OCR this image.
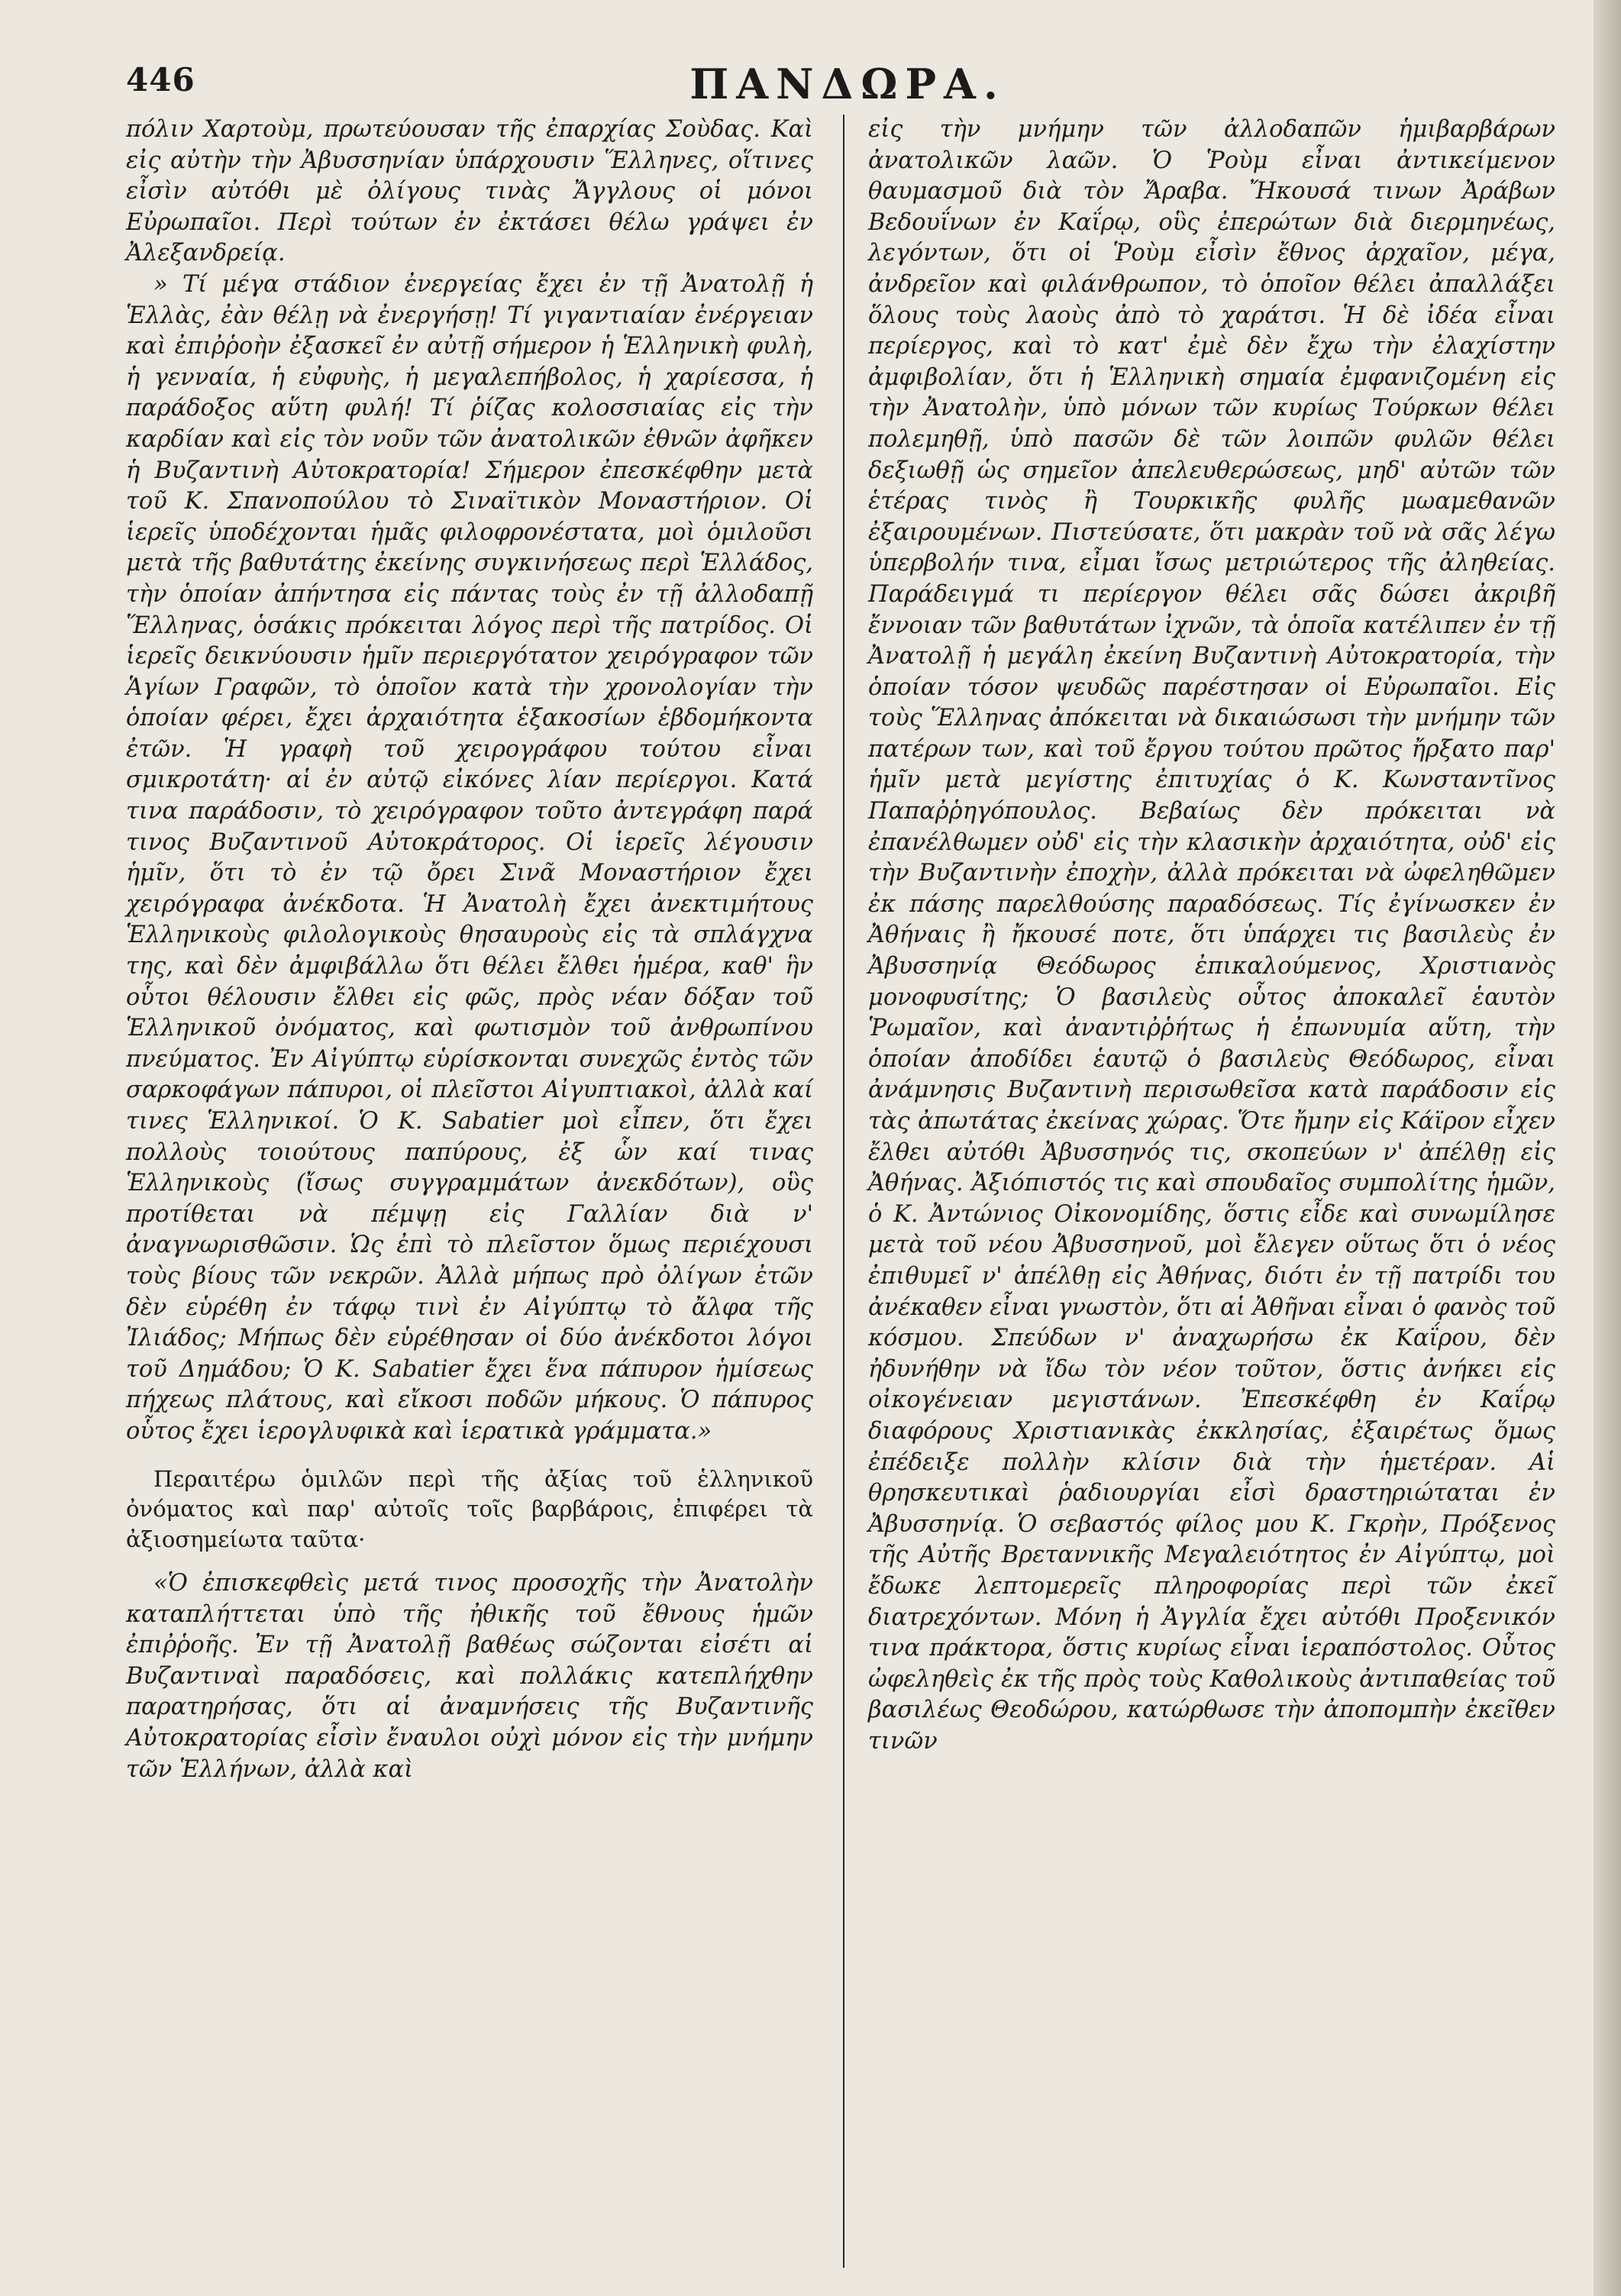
446	ΠΑΝΔΩΡΑ.

πόλιν Χαρτοὺμ, πρωτεύουσαν τῆς ἐπαρχίας Σοὺδας. Καὶ εἰς αὐτὴν τὴν Ἀβυσσηνίαν ὑπάρχουσιν Ἕλληνες, οἵτινες εἶσὶν αὐτόθι μὲ ὀλίγους τινὰς Ἄγγλους οἱ μόνοι Εὐρωπαῖοι. Περὶ τούτων ἐν ἐκτάσει θέλω γράψει ἐν Ἀλεξανδρείᾳ.

» Τί μέγα στάδιον ἐνεργείας ἔχει ἐν τῇ Ἀνατολῇ ἡ Ἑλλὰς, ἐὰν θέλῃ νὰ ἐνεργήσῃ! Τί γιγαντιαίαν ἐνέργειαν καὶ ἐπιῤῥοὴν ἐξασκεῖ ἐν αὐτῇ σήμερον ἡ Ἑλληνικὴ φυλὴ, ἡ γενναία, ἡ εὐφυὴς, ἡ μεγαλεπήβολος, ἡ χαρίεσσα, ἡ παράδοξος αὕτη φυλή! Τί ῥίζας κολοσσιαίας εἰς τὴν καρδίαν καὶ εἰς τὸν νοῦν τῶν ἀνατολικῶν ἐθνῶν ἀφῆκεν ἡ Βυζαντινὴ Αὐτοκρατορία! Σήμερον ἐπεσκέφθην μετὰ τοῦ Κ. Σπανοπούλου τὸ Σιναϊτικὸν Μοναστήριον. Οἱ ἱερεῖς ὑποδέχονται ἡμᾶς φιλοφρονέστατα, μοὶ ὁμιλοῦσι μετὰ τῆς βαθυτάτης ἐκείνης συγκινήσεως περὶ Ἑλλάδος, τὴν ὁποίαν ἀπήντησα εἰς πάντας τοὺς ἐν τῇ ἀλλοδαπῇ Ἕλληνας, ὁσάκις πρόκειται λόγος περὶ τῆς πατρίδος. Οἱ ἱερεῖς δεικνύουσιν ἡμῖν περιεργότατον χειρόγραφον τῶν Ἁγίων Γραφῶν, τὸ ὁποῖον κατὰ τὴν χρονολογίαν τὴν ὁποίαν φέρει, ἔχει ἀρχαιότητα ἑξακοσίων ἑβδομήκοντα ἐτῶν. Ἡ γραφὴ τοῦ χειρογράφου τούτου εἶναι σμικροτάτη· αἱ ἐν αὐτῷ εἰκόνες λίαν περίεργοι. Κατά τινα παράδοσιν, τὸ χειρόγραφον τοῦτο ἀντεγράφη παρά τινος Βυζαντινοῦ Αὐτοκράτορος. Οἱ ἱερεῖς λέγουσιν ἡμῖν, ὅτι τὸ ἐν τῷ ὄρει Σινᾶ Μοναστήριον ἔχει χειρόγραφα ἀνέκδοτα. Ἡ Ἀνατολὴ ἔχει ἀνεκτιμήτους Ἑλληνικοὺς φιλολογικοὺς θησαυροὺς εἰς τὰ σπλάγχνα της, καὶ δὲν ἀμφιβάλλω ὅτι θέλει ἔλθει ἡμέρα, καθ' ἣν οὗτοι θέλουσιν ἔλθει εἰς φῶς, πρὸς νέαν δόξαν τοῦ Ἑλληνικοῦ ὀνόματος, καὶ φωτισμὸν τοῦ ἀνθρωπίνου πνεύματος. Ἐν Αἰγύπτῳ εὑρίσκονται συνεχῶς ἐντὸς τῶν σαρκοφάγων πάπυροι, οἱ πλεῖστοι Αἰγυπτιακοὶ, ἀλλὰ καί τινες Ἑλληνικοί. Ὁ Κ. Sabatier μοὶ εἶπεν, ὅτι ἔχει πολλοὺς τοιούτους παπύρους, ἐξ ὧν καί τινας Ἑλληνικοὺς (ἴσως συγγραμμάτων ἀνεκδότων), οὓς προτίθεται νὰ πέμψῃ εἰς Γαλλίαν διὰ ν' ἀναγνωρισθῶσιν. Ὡς ἐπὶ τὸ πλεῖστον ὅμως περιέχουσι τοὺς βίους τῶν νεκρῶν. Ἀλλὰ μήπως πρὸ ὀλίγων ἐτῶν δὲν εὑρέθη ἐν τάφῳ τινὶ ἐν Αἰγύπτῳ τὸ ἄλφα τῆς Ἰλιάδος; Μήπως δὲν εὑρέθησαν οἱ δύο ἀνέκδοτοι λόγοι τοῦ Δημάδου; Ὁ Κ. Sabatier ἔχει ἕνα πάπυρον ἡμίσεως πήχεως πλάτους, καὶ εἴκοσι ποδῶν μήκους. Ὁ πάπυρος οὗτος ἔχει ἱερογλυφικὰ καὶ ἱερατικὰ γράμματα.»

Περαιτέρω ὁμιλῶν περὶ τῆς ἀξίας τοῦ ἑλληνικοῦ ὀνόματος καὶ παρ' αὐτοῖς τοῖς βαρβάροις, ἐπιφέρει τὰ ἀξιοσημείωτα ταῦτα·

«Ὁ ἐπισκεφθεὶς μετά τινος προσοχῆς τὴν Ἀνατολὴν καταπλήττεται ὑπὸ τῆς ἠθικῆς τοῦ ἔθνους ἡμῶν ἐπιῤῥοῆς. Ἐν τῇ Ἀνατολῇ βαθέως σώζονται εἰσέτι αἱ Βυζαντιναὶ παραδόσεις, καὶ πολλάκις κατεπλήχθην παρατηρήσας, ὅτι αἱ ἀναμνήσεις τῆς Βυζαντινῆς Αὐτοκρατορίας εἶσὶν ἔναυλοι οὐχὶ μόνον εἰς τὴν μνήμην τῶν Ἑλλήνων, ἀλλὰ καὶ

εἰς τὴν μνήμην τῶν ἀλλοδαπῶν ἡμιβαρβάρων ἀνατολικῶν λαῶν. Ὁ Ῥοὺμ εἶναι ἀντικείμενον θαυμασμοῦ διὰ τὸν Ἄραβα. Ἤκουσά τινων Ἀράβων Βεδουΐνων ἐν Καΐρῳ, οὓς ἐπερώτων διὰ διερμηνέως, λεγόντων, ὅτι οἱ Ῥοὺμ εἶσὶν ἔθνος ἀρχαῖον, μέγα, ἀνδρεῖον καὶ φιλάνθρωπον, τὸ ὁποῖον θέλει ἀπαλλάξει ὅλους τοὺς λαοὺς ἀπὸ τὸ χαράτσι. Ἡ δὲ ἰδέα εἶναι περίεργος, καὶ τὸ κατ' ἐμὲ δὲν ἔχω τὴν ἐλαχίστην ἀμφιβολίαν, ὅτι ἡ Ἑλληνικὴ σημαία ἐμφανιζομένη εἰς τὴν Ἀνατολὴν, ὑπὸ μόνων τῶν κυρίως Τούρκων θέλει πολεμηθῇ, ὑπὸ πασῶν δὲ τῶν λοιπῶν φυλῶν θέλει δεξιωθῇ ὡς σημεῖον ἀπελευθερώσεως, μηδ' αὐτῶν τῶν ἑτέρας τινὸς ἢ Τουρκικῆς φυλῆς μωαμεθανῶν ἐξαιρουμένων. Πιστεύσατε, ὅτι μακρὰν τοῦ νὰ σᾶς λέγω ὑπερβολήν τινα, εἶμαι ἴσως μετριώτερος τῆς ἀληθείας. Παράδειγμά τι περίεργον θέλει σᾶς δώσει ἀκριβῆ ἔννοιαν τῶν βαθυτάτων ἰχνῶν, τὰ ὁποῖα κατέλιπεν ἐν τῇ Ἀνατολῇ ἡ μεγάλη ἐκείνη Βυζαντινὴ Αὐτοκρατορία, τὴν ὁποίαν τόσον ψευδῶς παρέστησαν οἱ Εὐρωπαῖοι. Εἰς τοὺς Ἕλληνας ἀπόκειται νὰ δικαιώσωσι τὴν μνήμην τῶν πατέρων των, καὶ τοῦ ἔργου τούτου πρῶτος ἤρξατο παρ' ἡμῖν μετὰ μεγίστης ἐπιτυχίας ὁ Κ. Κωνσταντῖνος Παπαῤῥηγόπουλος. Βεβαίως δὲν πρόκειται νὰ ἐπανέλθωμεν οὐδ' εἰς τὴν κλασικὴν ἀρχαιότητα, οὐδ' εἰς τὴν Βυζαντινὴν ἐποχὴν, ἀλλὰ πρόκειται νὰ ὠφεληθῶμεν ἐκ πάσης παρελθούσης παραδόσεως. Τίς ἐγίνωσκεν ἐν Ἀθήναις ἢ ἤκουσέ ποτε, ὅτι ὑπάρχει τις βασιλεὺς ἐν Ἀβυσσηνίᾳ Θεόδωρος ἐπικαλούμενος, Χριστιανὸς μονοφυσίτης; Ὁ βασιλεὺς οὗτος ἀποκαλεῖ ἑαυτὸν Ῥωμαῖον, καὶ ἀναντιῤῥήτως ἡ ἐπωνυμία αὕτη, τὴν ὁποίαν ἀποδίδει ἑαυτῷ ὁ βασιλεὺς Θεόδωρος, εἶναι ἀνάμνησις Βυζαντινὴ περισωθεῖσα κατὰ παράδοσιν εἰς τὰς ἀπωτάτας ἐκείνας χώρας. Ὅτε ἤμην εἰς Κάϊρον εἶχεν ἔλθει αὐτόθι Ἀβυσσηνός τις, σκοπεύων ν' ἀπέλθῃ εἰς Ἀθήνας. Ἀξιόπιστός τις καὶ σπουδαῖος συμπολίτης ἡμῶν, ὁ Κ. Ἀντώνιος Οἰκονομίδης, ὅστις εἶδε καὶ συνωμίλησε μετὰ τοῦ νέου Ἀβυσσηνοῦ, μοὶ ἔλεγεν οὕτως ὅτι ὁ νέος ἐπιθυμεῖ ν' ἀπέλθῃ εἰς Ἀθήνας, διότι ἐν τῇ πατρίδι του ἀνέκαθεν εἶναι γνωστὸν, ὅτι αἱ Ἀθῆναι εἶναι ὁ φανὸς τοῦ κόσμου. Σπεύδων ν' ἀναχωρήσω ἐκ Καΐρου, δὲν ἠδυνήθην νὰ ἴδω τὸν νέον τοῦτον, ὅστις ἀνήκει εἰς οἰκογένειαν μεγιστάνων. Ἐπεσκέφθη ἐν Καΐρῳ διαφόρους Χριστιανικὰς ἐκκλησίας, ἐξαιρέτως ὅμως ἐπέδειξε πολλὴν κλίσιν διὰ τὴν ἡμετέραν. Αἱ θρησκευτικαὶ ῥαδιουργίαι εἶσὶ δραστηριώταται ἐν Ἀβυσσηνίᾳ. Ὁ σεβαστός φίλος μου Κ. Γκρὴν, Πρόξενος τῆς Αὐτῆς Βρεταννικῆς Μεγαλειότητος ἐν Αἰγύπτῳ, μοὶ ἔδωκε λεπτομερεῖς πληροφορίας περὶ τῶν ἐκεῖ διατρεχόντων. Μόνη ἡ Ἀγγλία ἔχει αὐτόθι Προξενικόν τινα πράκτορα, ὅστις κυρίως εἶναι ἱεραπόστολος. Οὗτος ὠφεληθεὶς ἐκ τῆς πρὸς τοὺς Καθολικοὺς ἀντιπαθείας τοῦ βασιλέως Θεοδώρου, κατώρθωσε τὴν ἀποπομπὴν ἐκεῖθεν τινῶν
